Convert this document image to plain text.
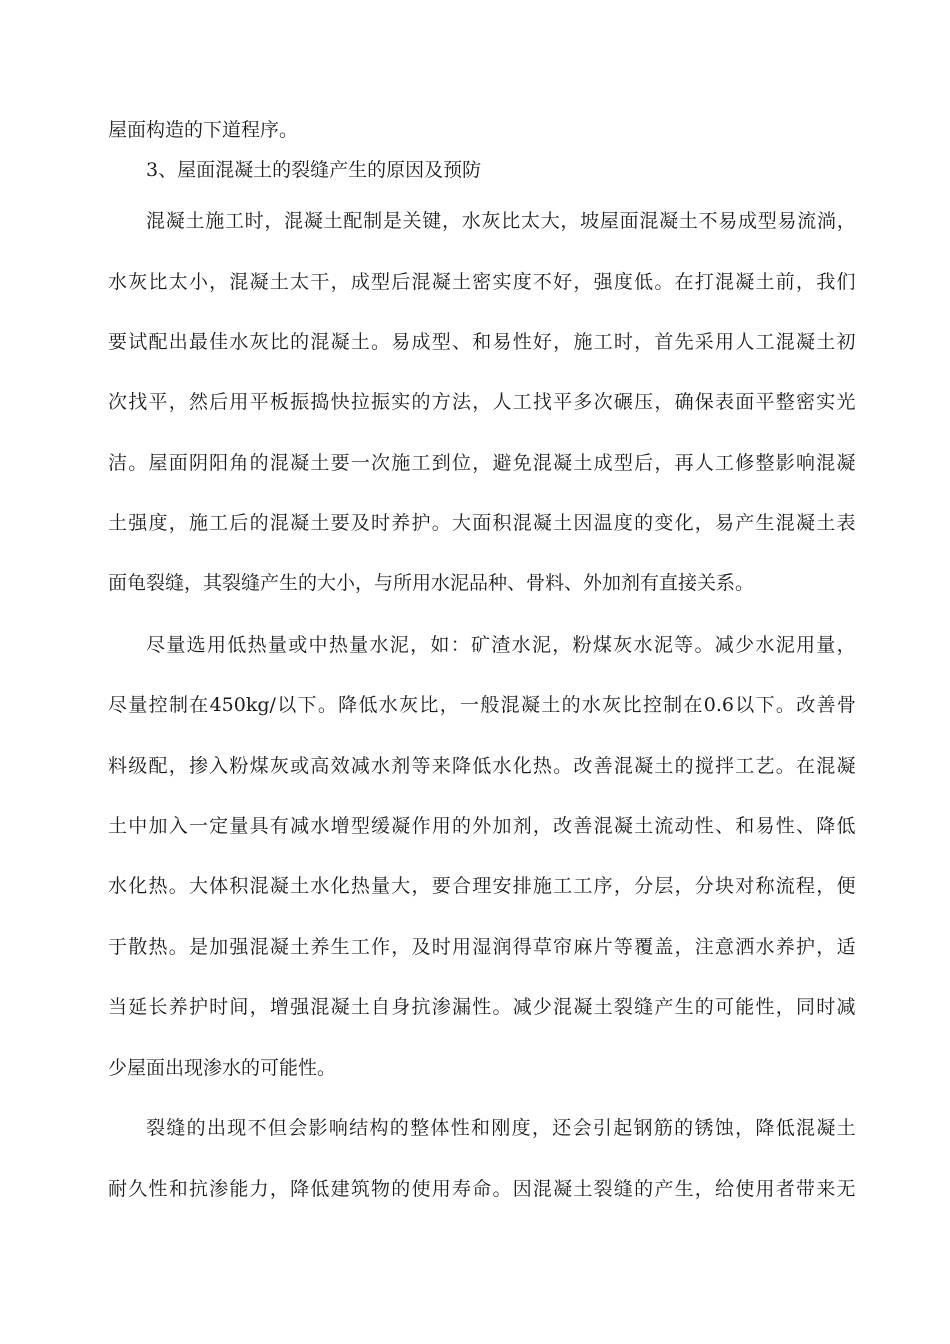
屋面构造的下道程序。
3、屋面混凝土的裂缝产生的原因及预防
混 凝 土 施 工 时 ， 混 凝 土 配 制 是 关 键 ， 水 灰 比 太 大 ， 坡 屋 面 混 凝 土 不 易 成 型 易 流 淌 ，
水 灰 比 太 小 ， 混 凝 土 太 干 ， 成 型 后 混 凝 土 密 实 度 不 好 ， 强 度 低 。 在 打 混 凝 土 前 ， 我 们
要 试 配 出 最 佳 水 灰 比 的 混 凝 土 。 易 成 型 、 和 易 性 好 ， 施 工 时 ， 首 先 采 用 人 工 混 凝 土 初
次 找 平 ， 然 后 用 平 板 振 捣 快 拉 振 实 的 方 法 ， 人 工 找 平 多 次 碾 压 ， 确 保 表 面 平 整 密 实 光
洁 。 屋 面 阴 阳 角 的 混 凝 土 要 一 次 施 工 到 位 ， 避 免 混 凝 土 成 型 后 ， 再 人 工 修 整 影 响 混 凝
土 强 度 ， 施 工 后 的 混 凝 土 要 及 时 养 护 。 大 面 积 混 凝 土 因 温 度 的 变 化 ， 易 产 生 混 凝 土 表
面龟裂缝，其裂缝产生的大小，与所用水泥品种、骨料、外加剂有直接关系。
尽 量 选 用 低 热 量 或 中 热 量 水 泥 ， 如 ： 矿 渣 水 泥 ， 粉 煤 灰 水 泥 等 。 减 少 水 泥 用 量 ，
尽 量 控 制 在 450kg/ 以 下 。 降 低 水 灰 比 ， 一 般 混 凝 土 的 水 灰 比 控 制 在 0.6 以 下 。 改 善 骨
料 级 配 ， 掺 入 粉 煤 灰 或 高 效 减 水 剂 等 来 降 低 水 化 热 。 改 善 混 凝 土 的 搅 拌 工 艺 。 在 混 凝
土 中 加 入 一 定 量 具 有 减 水 增 型 缓 凝 作 用 的 外 加 剂 ， 改 善 混 凝 土 流 动 性 、 和 易 性 、 降 低
水 化 热 。 大 体 积 混 凝 土 水 化 热 量 大 ， 要 合 理 安 排 施 工 工 序 ， 分 层 ， 分 块 对 称 流 程 ， 便
于 散 热 。 是 加 强 混 凝 土 养 生 工 作 ， 及 时 用 湿 润 得 草 帘 麻 片 等 覆 盖 ， 注 意 洒 水 养 护 ， 适
当 延 长 养 护 时 间 ， 增 强 混 凝 土 自 身 抗 渗 漏 性 。 减 少 混 凝 土 裂 缝 产 生 的 可 能 性 ， 同 时 减
少屋面出现渗水的可能性。
裂 缝 的 出 现 不 但 会 影 响 结 构 的 整 体 性 和 刚 度 ， 还 会 引 起 钢 筋 的 锈 蚀 ， 降 低 混 凝 土
耐 久 性 和 抗 渗 能 力 ， 降 低 建 筑 物 的 使 用 寿 命 。 因 混 凝 土 裂 缝 的 产 生 ， 给 使 用 者 带 来 无
